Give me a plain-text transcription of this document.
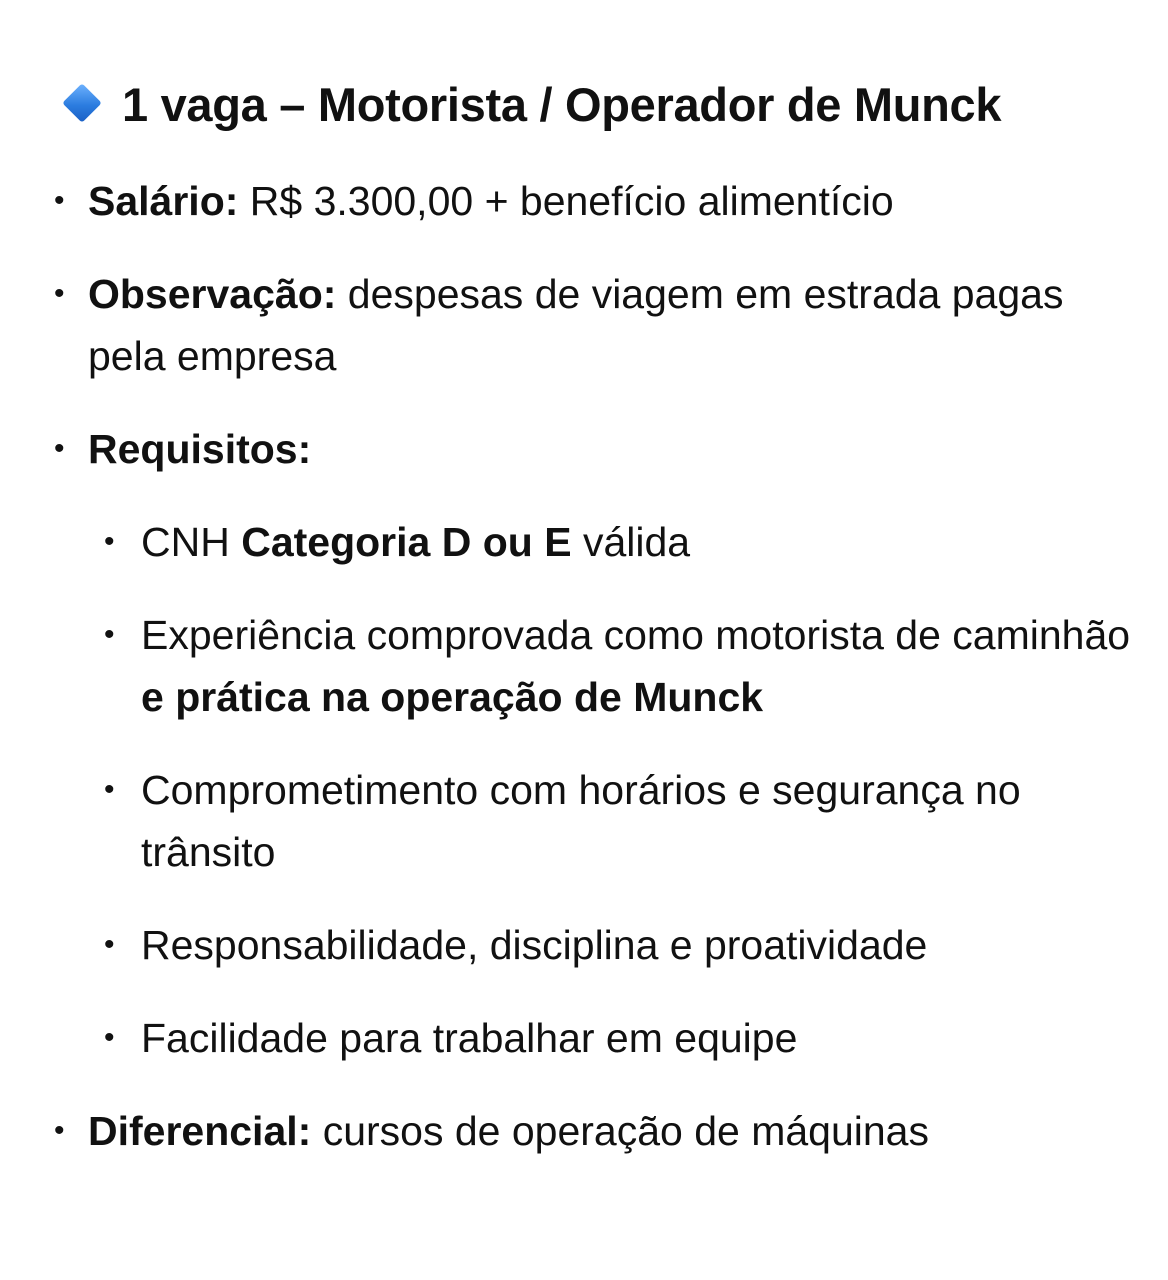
1 vaga – Motorista / Operador de Munck
• Salário: R$ 3.300,00 + benefício alimentício
• Observação: despesas de viagem em estrada pagas pela empresa
• Requisitos:
• CNH Categoria D ou E válida
• Experiência comprovada como motorista de caminhão e prática na operação de Munck
• Comprometimento com horários e segurança no trânsito
• Responsabilidade, disciplina e proatividade
• Facilidade para trabalhar em equipe
• Diferencial: cursos de operação de máquinas
